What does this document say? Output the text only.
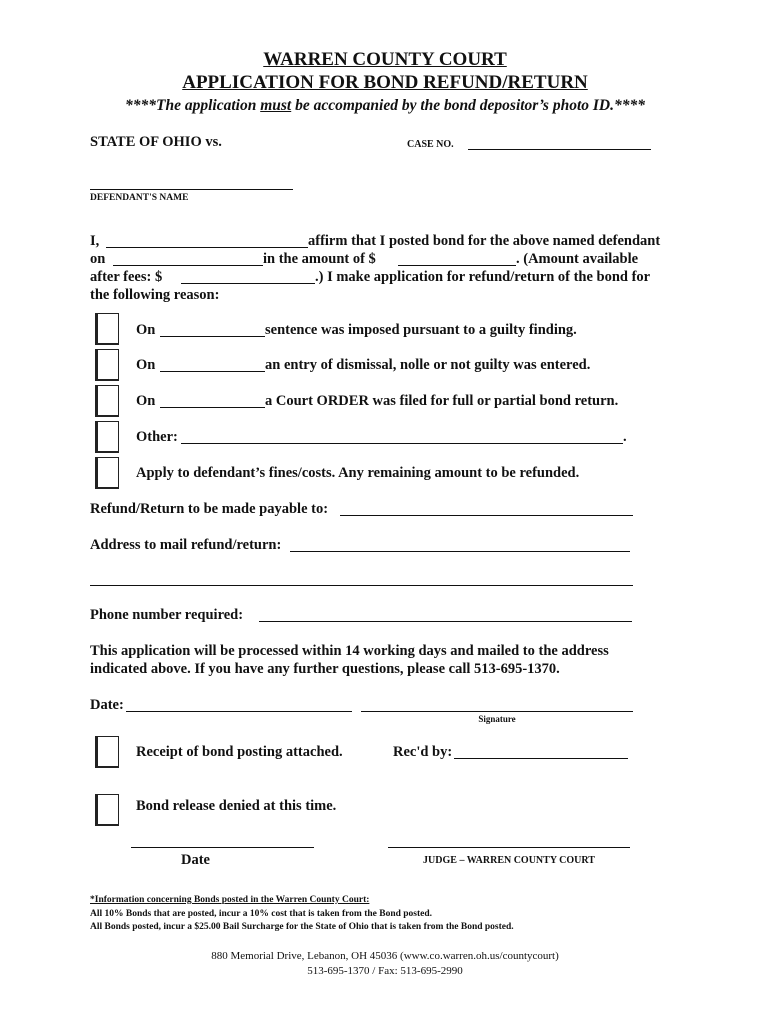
WARREN COUNTY COURT
APPLICATION FOR BOND REFUND/RETURN
****The application must be accompanied by the bond depositor’s photo ID.****
STATE OF OHIO vs.	CASE NO.
DEFENDANT'S NAME
I,	affirm that I posted bond for the above named defendant
on	in the amount of $	. (Amount available
after fees: $	.) I make application for refund/return of the bond for
the following reason:
On	sentence was imposed pursuant to a guilty finding.
On	an entry of dismissal, nolle or not guilty was entered.
On	a Court ORDER was filed for full or partial bond return.
Other:	.
Apply to defendant’s fines/costs. Any remaining amount to be refunded.
Refund/Return to be made payable to:
Address to mail refund/return:
Phone number required:
This application will be processed within 14 working days and mailed to the address
indicated above. If you have any further questions, please call 513-695-1370.
Date:
Signature
Receipt of bond posting attached.	Rec'd by:
Bond release denied at this time.
Date	JUDGE – WARREN COUNTY COURT
*Information concerning Bonds posted in the Warren County Court:
All 10% Bonds that are posted, incur a 10% cost that is taken from the Bond posted.
All Bonds posted, incur a $25.00 Bail Surcharge for the State of Ohio that is taken from the Bond posted.
880 Memorial Drive, Lebanon, OH 45036 (www.co.warren.oh.us/countycourt)
513-695-1370 / Fax: 513-695-2990
